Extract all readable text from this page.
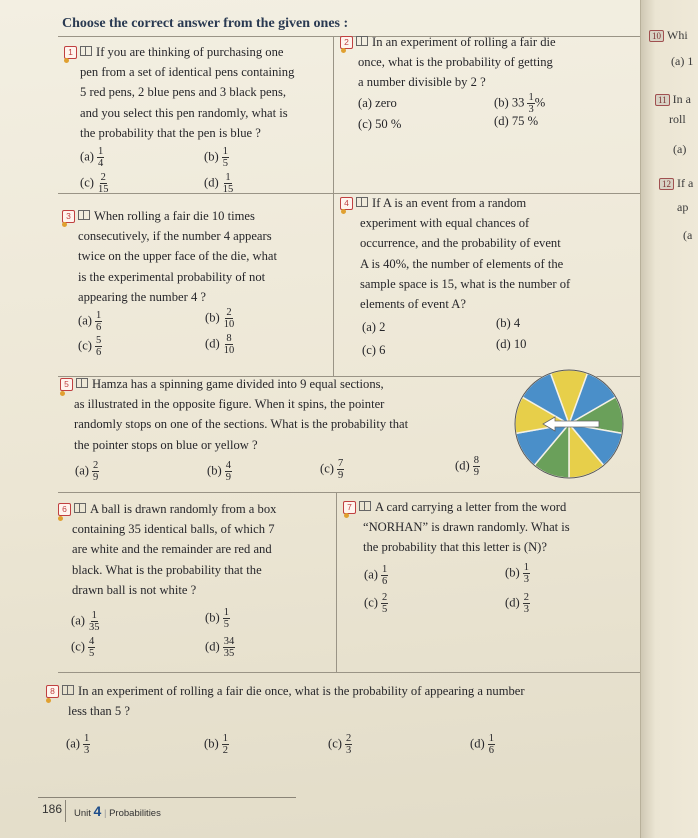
Choose the correct answer from the given ones :
1 If you are thinking of purchasing one
pen from a set of identical pens containing
5 red pens, 2 blue pens and 3 black pens,
and you select this pen randomly, what is
the probability that the pen is blue ?
$(a) \frac{1}{4}$	$(b) \frac{1}{5}$
$(c) \frac{2}{15}$	$(d) \frac{1}{15}$
2 In an experiment of rolling a fair die
once, what is the probability of getting
a number divisible by 2 ?
(a) zero	(b) $33 \frac{1}{3}$ %
(c) 50 %	(d) 75 %
3 When rolling a fair die 10 times
consecutively, if the number 4 appears
twice on the upper face of the die, what
is the experimental probability of not
appearing the number 4 ?
$(a) \frac{1}{6}$	$(b) \frac{2}{10}$
$(c) \frac{5}{6}$	$(d) \frac{8}{10}$
4 If A is an event from a random
experiment with equal chances of
occurrence, and the probability of event
A is 40%, the number of elements of the
sample space is 15, what is the number of
elements of event A?
(a) 2	(b) 4
(c) 6	(d) 10
5 Hamza has a spinning game divided into 9 equal sections,
as illustrated in the opposite figure. When it spins, the pointer
randomly stops on one of the sections. What is the probability that
the pointer stops on blue or yellow ?
$(a) \frac{2}{9}$	$(b) \frac{4}{9}$	$(c) \frac{7}{9}$	$(d) \frac{8}{9}$
6 A ball is drawn randomly from a box
containing 35 identical balls, of which 7
are white and the remainder are red and
black. What is the probability that the
drawn ball is not white ?
$(a) \frac{1}{35}$	$(b) \frac{1}{5}$
$(c) \frac{4}{5}$	$(d) \frac{34}{35}$
7 A card carrying a letter from the word
“NORHAN” is drawn randomly. What is
the probability that this letter is (N)?
$(a) \frac{1}{6}$	$(b) \frac{1}{3}$
$(c) \frac{2}{5}$	$(d) \frac{2}{3}$
8 In an experiment of rolling a fair die once, what is the probability of appearing a number
less than 5 ?
$(a) \frac{1}{3}$	$(b) \frac{1}{2}$	$(c) \frac{2}{3}$	$(d) \frac{1}{6}$
186 Unit 4 | Probabilities
10 Whi
(a) 1
11 In a
roll
(a)
12 If a
ap
(a
